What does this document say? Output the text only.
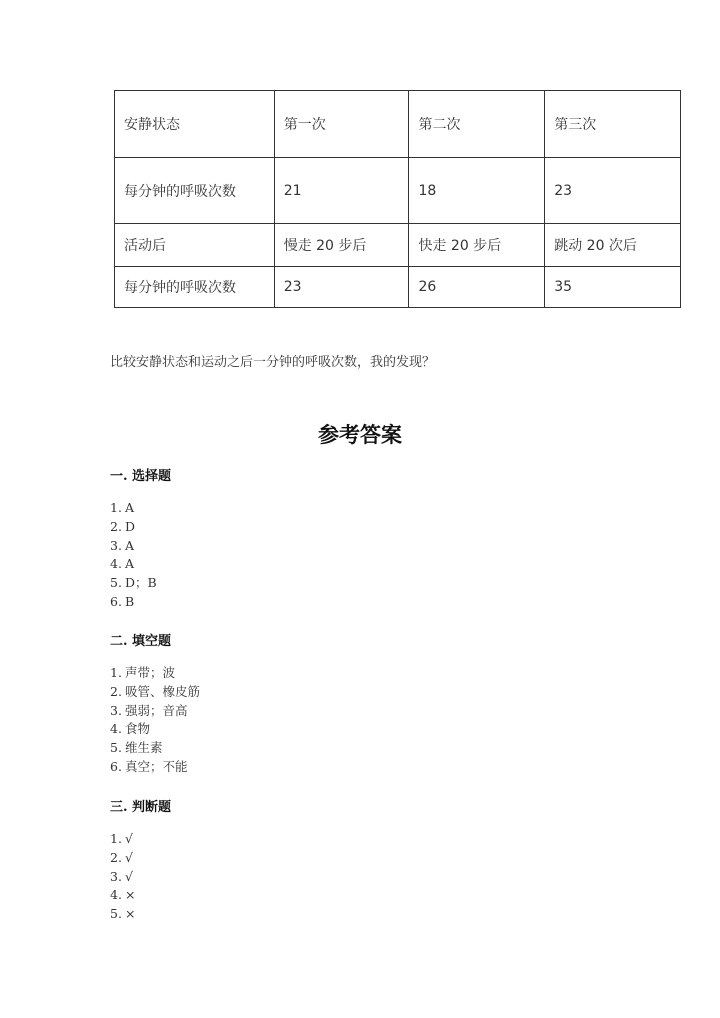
安静状态	第一次	第二次	第三次
每分钟的呼吸次数	21	18	23
活动后	慢走 20 步后	快走 20 步后	跳动 20 次后
每分钟的呼吸次数	23	26	35
比较安静状态和运动之后一分钟的呼吸次数，我的发现？
参考答案
一. 选择题
1. A
2. D
3. A
4. A
5. D；B
6. B
二. 填空题
1. 声带；波
2. 吸管、橡皮筋
3. 强弱；音高
4. 食物
5. 维生素
6. 真空；不能
三. 判断题
1. √
2. √
3. √
4. ×
5. ×
